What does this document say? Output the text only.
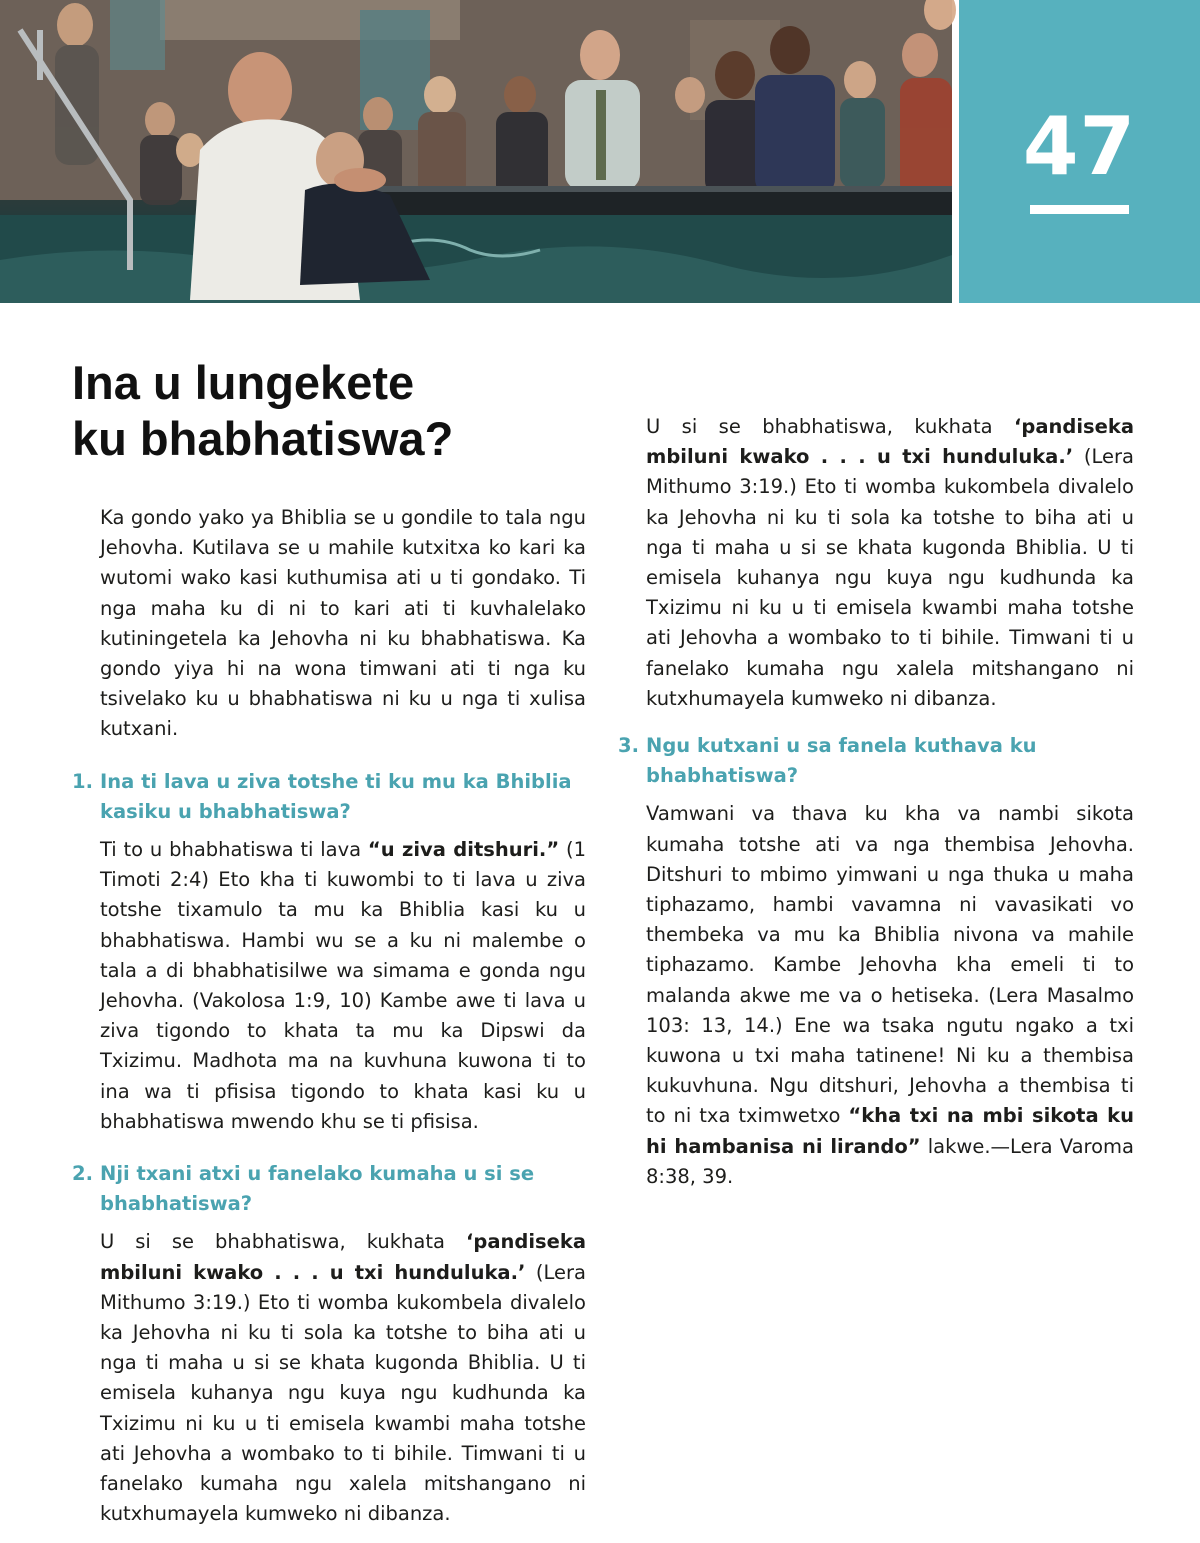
47
Ina u lungekete
ku bhabhatiswa?

Ka gondo yako ya Bhiblia se u gondile to tala ngu Jehovha. Kutilava se u mahile kutxitxa ko kari ka wutomi wako kasi kuthumisa ati u ti gondako. Ti nga maha ku di ni to kari ati ti kuvhalelako kutiningetela ka Jehovha ni ku bhabhatiswa. Ka gondo yiya hi na wona timwani ati ti nga ku tsivelako ku u bhabhatiswa ni ku u nga ti xulisa kutxani.

1. Ina ti lava u ziva totshe ti ku mu ka Bhiblia kasiku u bhabhatiswa?

Ti to u bhabhatiswa ti lava “u ziva ditshuri.” (1 Timoti 2:4) Eto kha ti kuwombi to ti lava u ziva totshe tixamulo ta mu ka Bhiblia kasi ku u bhabhatiswa. Hambi wu se a ku ni malembe o tala a di bhabhatisilwe wa simama e gonda ngu Jehovha. (Vakolosa 1:9, 10) Kambe awe ti lava u ziva tigondo to khata ta mu ka Dipswi da Txizimu. Madhota ma na kuvhuna kuwona ti to ina wa ti pfisisa tigondo to khata kasi ku u bhabhatiswa mwendo khu se ti pfisisa.

2. Nji txani atxi u fanelako kumaha u si se bhabhatiswa?

U si se bhabhatiswa, kukhata ‘pandiseka mbiluni kwako . . . u txi hunduluka.’ (Lera Mithumo 3:19.) Eto ti womba kukombela divalelo ka Jehovha ni ku ti sola ka totshe to biha ati u nga ti maha u si se khata kugonda Bhiblia. U ti emisela kuhanya ngu kuya ngu kudhunda ka Txizimu ni ku u ti emisela kwambi maha totshe ati Jehovha a wombako to ti bihile. Timwani ti u fanelako kumaha ngu xalela mitshangano ni kutxhumayela kumweko ni dibanza.

U si se bhabhatiswa, kukhata ‘pandiseka mbiluni kwako . . . u txi hunduluka.’ (Lera Mithumo 3:19.) Eto ti womba kukombela divalelo ka Jehovha ni ku ti sola ka totshe to biha ati u nga ti maha u si se khata kugonda Bhiblia. U ti emisela kuhanya ngu kuya ngu kudhunda ka Txizimu ni ku u ti emisela kwambi maha totshe ati Jehovha a wombako to ti bihile. Timwani ti u fanelako kumaha ngu xalela mitshangano ni kutxhumayela kumweko ni dibanza.

3. Ngu kutxani u sa fanela kuthava ku bhabhatiswa?

Vamwani va thava ku kha va nambi sikota kumaha totshe ati va nga thembisa Jehovha. Ditshuri to mbimo yimwani u nga thuka u maha tiphazamo, hambi vavamna ni vavasikati vo thembeka va mu ka Bhiblia nivona va mahile tiphazamo. Kambe Jehovha kha emeli ti to malanda akwe me va o hetiseka. (Lera Masalmo 103: 13, 14.) Ene wa tsaka ngutu ngako a txi kuwona u txi maha tatinene! Ni ku a thembisa kukuvhuna. Ngu ditshuri, Jehovha a thembisa ti to ni txa tximwetxo “kha txi na mbi sikota ku hi hambanisa ni lirando” lakwe.—Lera Varoma 8:38, 39.
